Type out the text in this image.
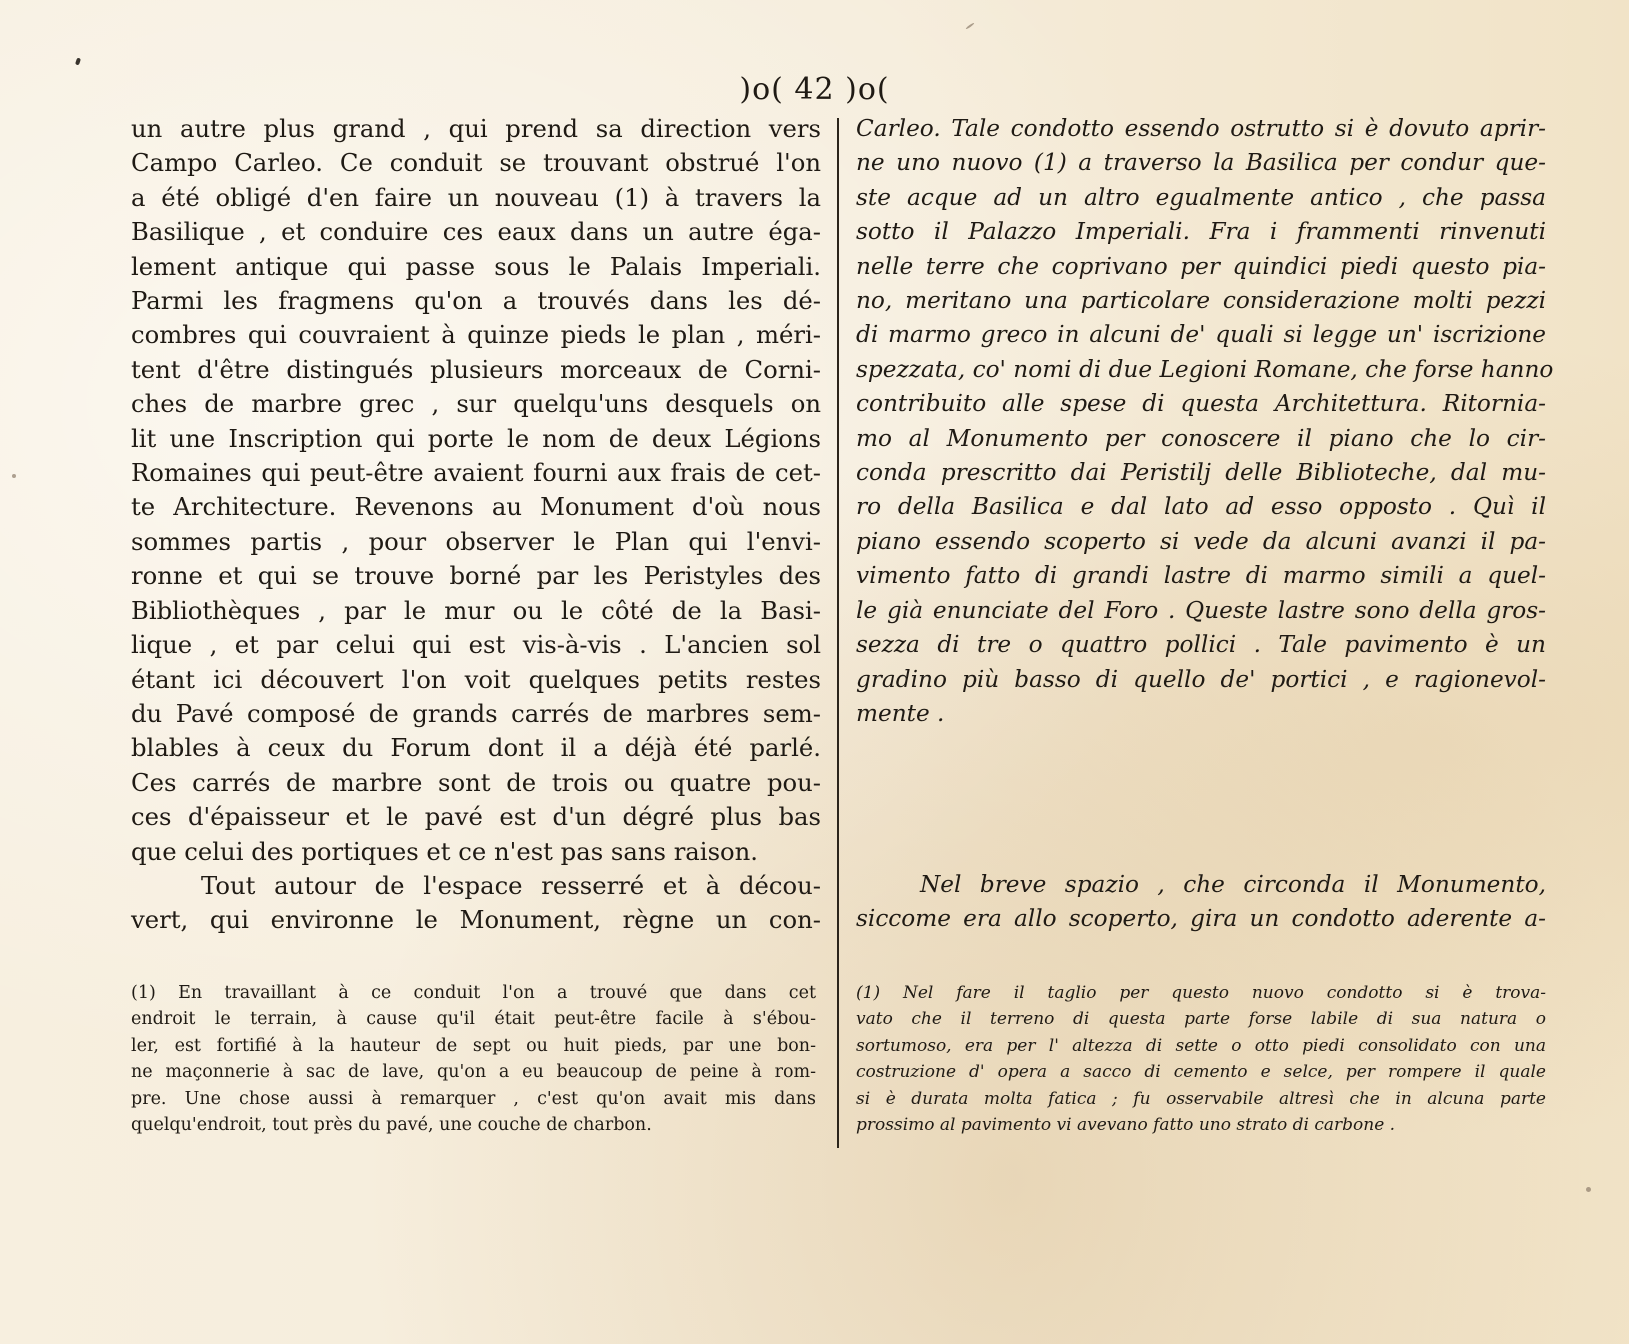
)o( 42 )o(
un autre plus grand , qui prend sa direction vers
Campo Carleo. Ce conduit se trouvant obstrué l'on
a été obligé d'en faire un nouveau (1) à travers la
Basilique , et conduire ces eaux dans un autre éga-
lement antique qui passe sous le Palais Imperiali.
Parmi les fragmens qu'on a trouvés dans les dé-
combres qui couvraient à quinze pieds le plan , méri-
tent d'être distingués plusieurs morceaux de Corni-
ches de marbre grec , sur quelqu'uns desquels on
lit une Inscription qui porte le nom de deux Légions
Romaines qui peut-être avaient fourni aux frais de cet-
te Architecture. Revenons au Monument d'où nous
sommes partis , pour observer le Plan qui l'envi-
ronne et qui se trouve borné par les Peristyles des
Bibliothèques , par le mur ou le côté de la Basi-
lique , et par celui qui est vis-à-vis . L'ancien sol
étant ici découvert l'on voit quelques petits restes
du Pavé composé de grands carrés de marbres sem-
blables à ceux du Forum dont il a déjà été parlé.
Ces carrés de marbre sont de trois ou quatre pou-
ces d'épaisseur et le pavé est d'un dégré plus bas
que celui des portiques et ce n'est pas sans raison.
Tout autour de l'espace resserré et à décou-
vert, qui environne le Monument, règne un con-
Carleo. Tale condotto essendo ostrutto si è dovuto aprir-
ne uno nuovo (1) a traverso la Basilica per condur que-
ste acque ad un altro egualmente antico , che passa
sotto il Palazzo Imperiali. Fra i frammenti rinvenuti
nelle terre che coprivano per quindici piedi questo pia-
no, meritano una particolare considerazione molti pezzi
di marmo greco in alcuni de' quali si legge un' iscrizione
spezzata, co' nomi di due Legioni Romane, che forse hanno
contribuito alle spese di questa Architettura. Ritornia-
mo al Monumento per conoscere il piano che lo cir-
conda prescritto dai Peristilj delle Biblioteche, dal mu-
ro della Basilica e dal lato ad esso opposto . Quì il
piano essendo scoperto si vede da alcuni avanzi il pa-
vimento fatto di grandi lastre di marmo simili a quel-
le già enunciate del Foro . Queste lastre sono della gros-
sezza di tre o quattro pollici . Tale pavimento è un
gradino più basso di quello de' portici , e ragionevol-
mente .
Nel breve spazio , che circonda il Monumento,
siccome era allo scoperto, gira un condotto aderente a-
(1) En travaillant à ce conduit l'on a trouvé que dans cet
endroit le terrain, à cause qu'il était peut-être facile à s'ébou-
ler, est fortifié à la hauteur de sept ou huit pieds, par une bon-
ne maçonnerie à sac de lave, qu'on a eu beaucoup de peine à rom-
pre. Une chose aussi à remarquer , c'est qu'on avait mis dans
quelqu'endroit, tout près du pavé, une couche de charbon.
(1) Nel fare il taglio per questo nuovo condotto si è trova-
vato che il terreno di questa parte forse labile di sua natura o
sortumoso, era per l' altezza di sette o otto piedi consolidato con una
costruzione d' opera a sacco di cemento e selce, per rompere il quale
si è durata molta fatica ; fu osservabile altresì che in alcuna parte
prossimo al pavimento vi avevano fatto uno strato di carbone .
